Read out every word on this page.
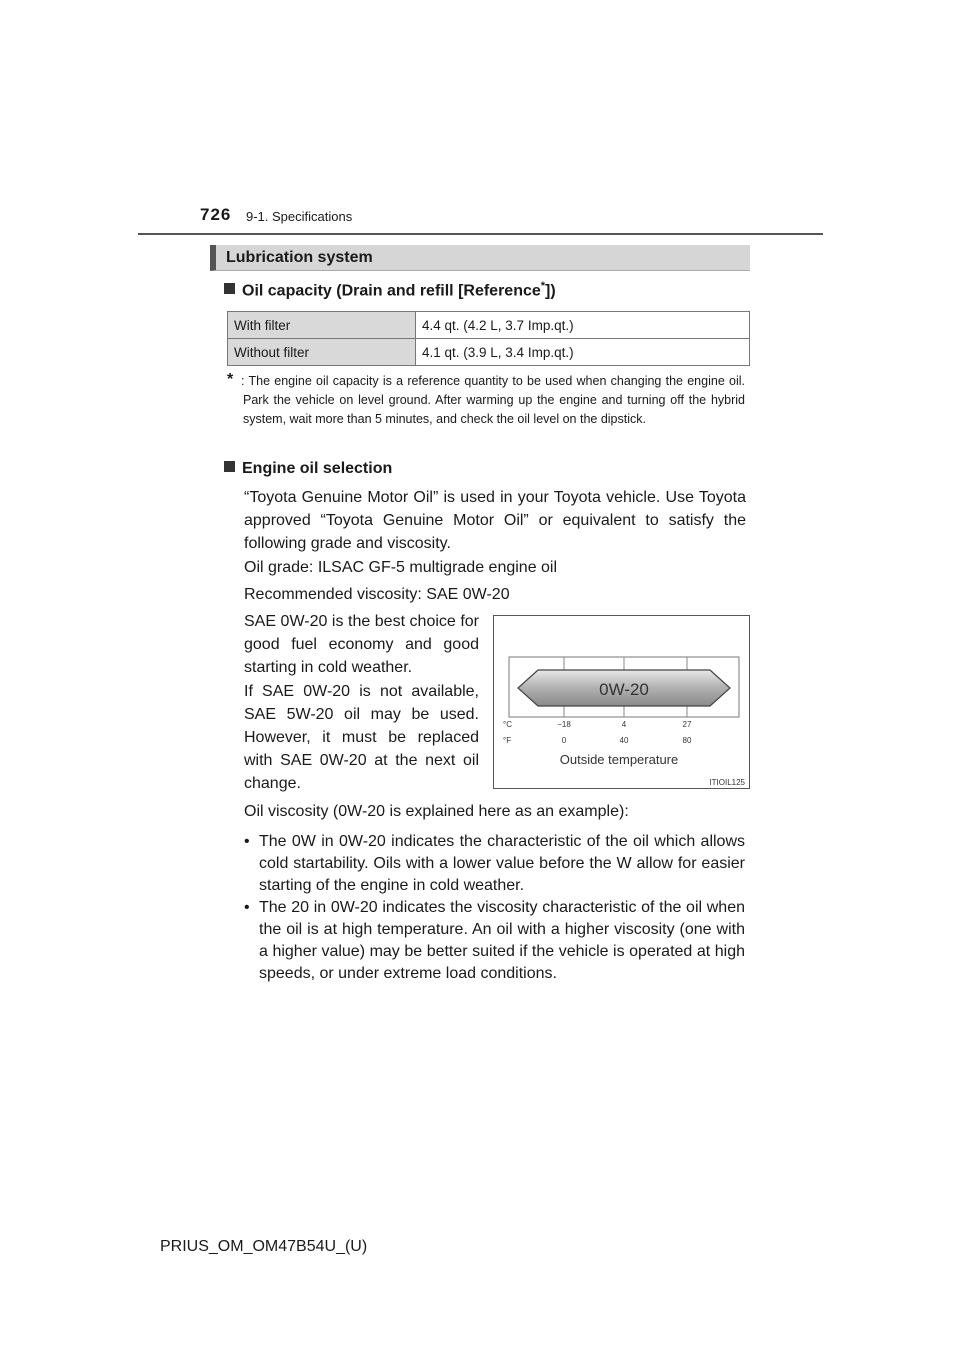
726 9-1. Specifications
Lubrication system
Oil capacity (Drain and refill [Reference*])
With filter	4.4 qt. (4.2 L, 3.7 Imp.qt.)
Without filter	4.1 qt. (3.9 L, 3.4 Imp.qt.)
* : The engine oil capacity is a reference quantity to be used when changing the engine oil. Park the vehicle on level ground. After warming up the engine and turning off the hybrid system, wait more than 5 minutes, and check the oil level on the dipstick.
Engine oil selection
“Toyota Genuine Motor Oil” is used in your Toyota vehicle. Use Toyota approved “Toyota Genuine Motor Oil” or equivalent to satisfy the following grade and viscosity.
Oil grade: ILSAC GF-5 multigrade engine oil
Recommended viscosity: SAE 0W-20
SAE 0W-20 is the best choice for good fuel economy and good starting in cold weather.
If SAE 0W-20 is not available, SAE 5W-20 oil may be used. However, it must be replaced with SAE 0W-20 at the next oil change.
0W-20
°C
°F
−18	4	27
0	40	80
Outside temperature
ITIOIL125
Oil viscosity (0W-20 is explained here as an example):
• The 0W in 0W-20 indicates the characteristic of the oil which allows cold startability. Oils with a lower value before the W allow for easier starting of the engine in cold weather.
• The 20 in 0W-20 indicates the viscosity characteristic of the oil when the oil is at high temperature. An oil with a higher viscosity (one with a higher value) may be better suited if the vehicle is operated at high speeds, or under extreme load conditions.
PRIUS_OM_OM47B54U_(U)
